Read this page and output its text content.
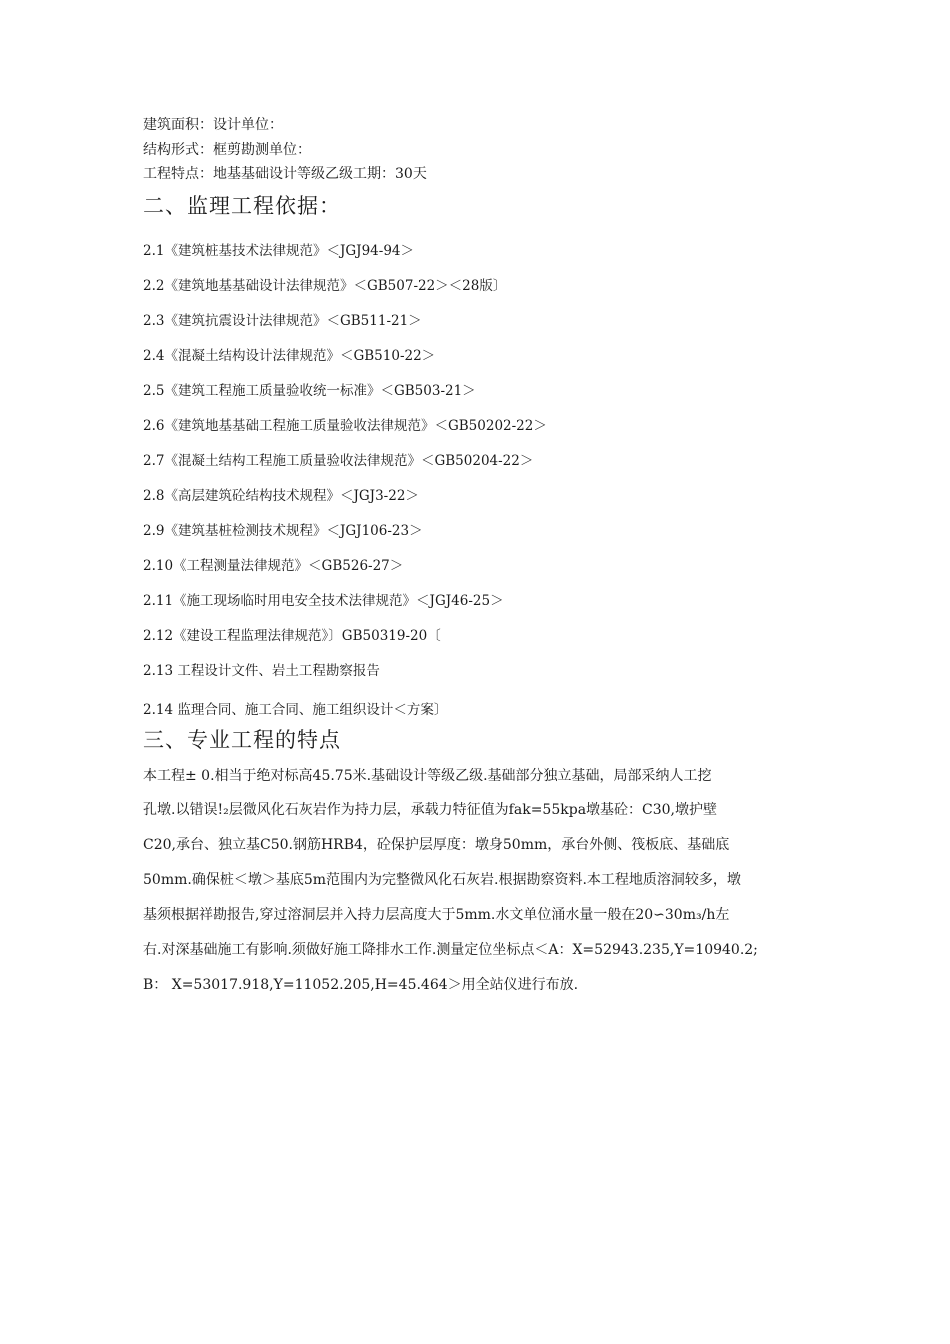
建筑面积：设计单位：
结构形式：框剪勘测单位：
工程特点：地基基础设计等级乙级工期：30天
二、监理工程依据：
2.1《建筑桩基技术法律规范》＜JGJ94-94＞
2.2《建筑地基基础设计法律规范》＜GB507-22＞＜28版〕
2.3《建筑抗震设计法律规范》＜GB511-21＞
2.4《混凝土结构设计法律规范》＜GB510-22＞
2.5《建筑工程施工质量验收统一标准》＜GB503-21＞
2.6《建筑地基基础工程施工质量验收法律规范》＜GB50202-22＞
2.7《混凝土结构工程施工质量验收法律规范》＜GB50204-22＞
2.8《高层建筑砼结构技术规程》＜JGJ3-22＞
2.9《建筑基桩检测技术规程》＜JGJ106-23＞
2.10《工程测量法律规范》＜GB526-27＞
2.11《施工现场临时用电安全技术法律规范》＜JGJ46-25＞
2.12《建设工程监理法律规范》〕GB50319-20〔
2.13 工程设计文件、岩土工程勘察报告
2.14 监理合同、施工合同、施工组织设计＜方案〕
三、专业工程的特点
本工程± 0.相当于绝对标高45.75米.基础设计等级乙级.基础部分独立基础，局部采纳人工挖
孔墩.以错误!₂层微风化石灰岩作为持力层，承载力特征值为fak=55kpa墩基砼：C30,墩护壁
C20,承台、独立基C50.钢筋HRB4，砼保护层厚度：墩身50mm，承台外侧、筏板底、基础底
50mm.确保桩＜墩＞基底5m范围内为完整微风化石灰岩.根据勘察资料.本工程地质溶洞较多，墩
基须根据祥勘报告,穿过溶洞层并入持力层高度大于5mm.水文单位涌水量一般在20∽30m₃/h左
右.对深基础施工有影响.须做好施工降排水工作.测量定位坐标点＜A：X=52943.235,Y=10940.2;
B： X=53017.918,Y=11052.205,H=45.464＞用全站仪进行布放.
